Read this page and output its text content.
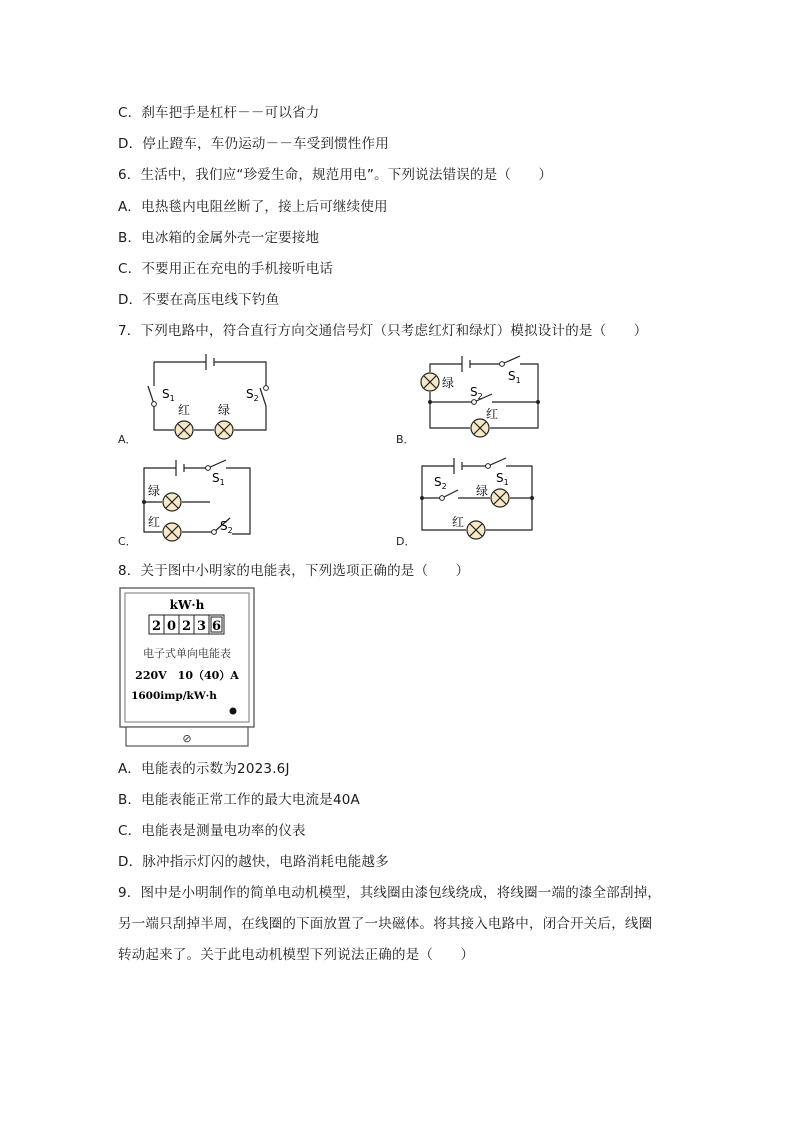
C．刹车把手是杠杆－－可以省力
D．停止蹬车，车仍运动－－车受到惯性作用
6．生活中，我们应“珍爱生命，规范用电”。下列说法错误的是（　　）
A．电热毯内电阻丝断了，接上后可继续使用
B．电冰箱的金属外壳一定要接地
C．不要用正在充电的手机接听电话
D．不要在高压电线下钓鱼
7．下列电路中，符合直行方向交通信号灯（只考虑红灯和绿灯）模拟设计的是（　　）
$S_1$	$S_2$
红 绿
A．
绿	$S_1$
$S_2$
红
B．
$S_1$
$S_2$
绿
红
C．
$S_1$
$S_2$ 绿
红
D．
8．关于图中小明家的电能表，下列选项正确的是（　　）
⊘
kW·h
2 0 2 3 6
电子式单向电能表
220V　10（40）A
1600imp/kW·h
A．电能表的示数为2023.6J
B．电能表能正常工作的最大电流是40A
C．电能表是测量电功率的仪表
D．脉冲指示灯闪的越快，电路消耗电能越多
9．图中是小明制作的简单电动机模型，其线圈由漆包线绕成，将线圈一端的漆全部刮掉，
另一端只刮掉半周，在线圈的下面放置了一块磁体。将其接入电路中，闭合开关后，线圈
转动起来了。关于此电动机模型下列说法正确的是（　　）
